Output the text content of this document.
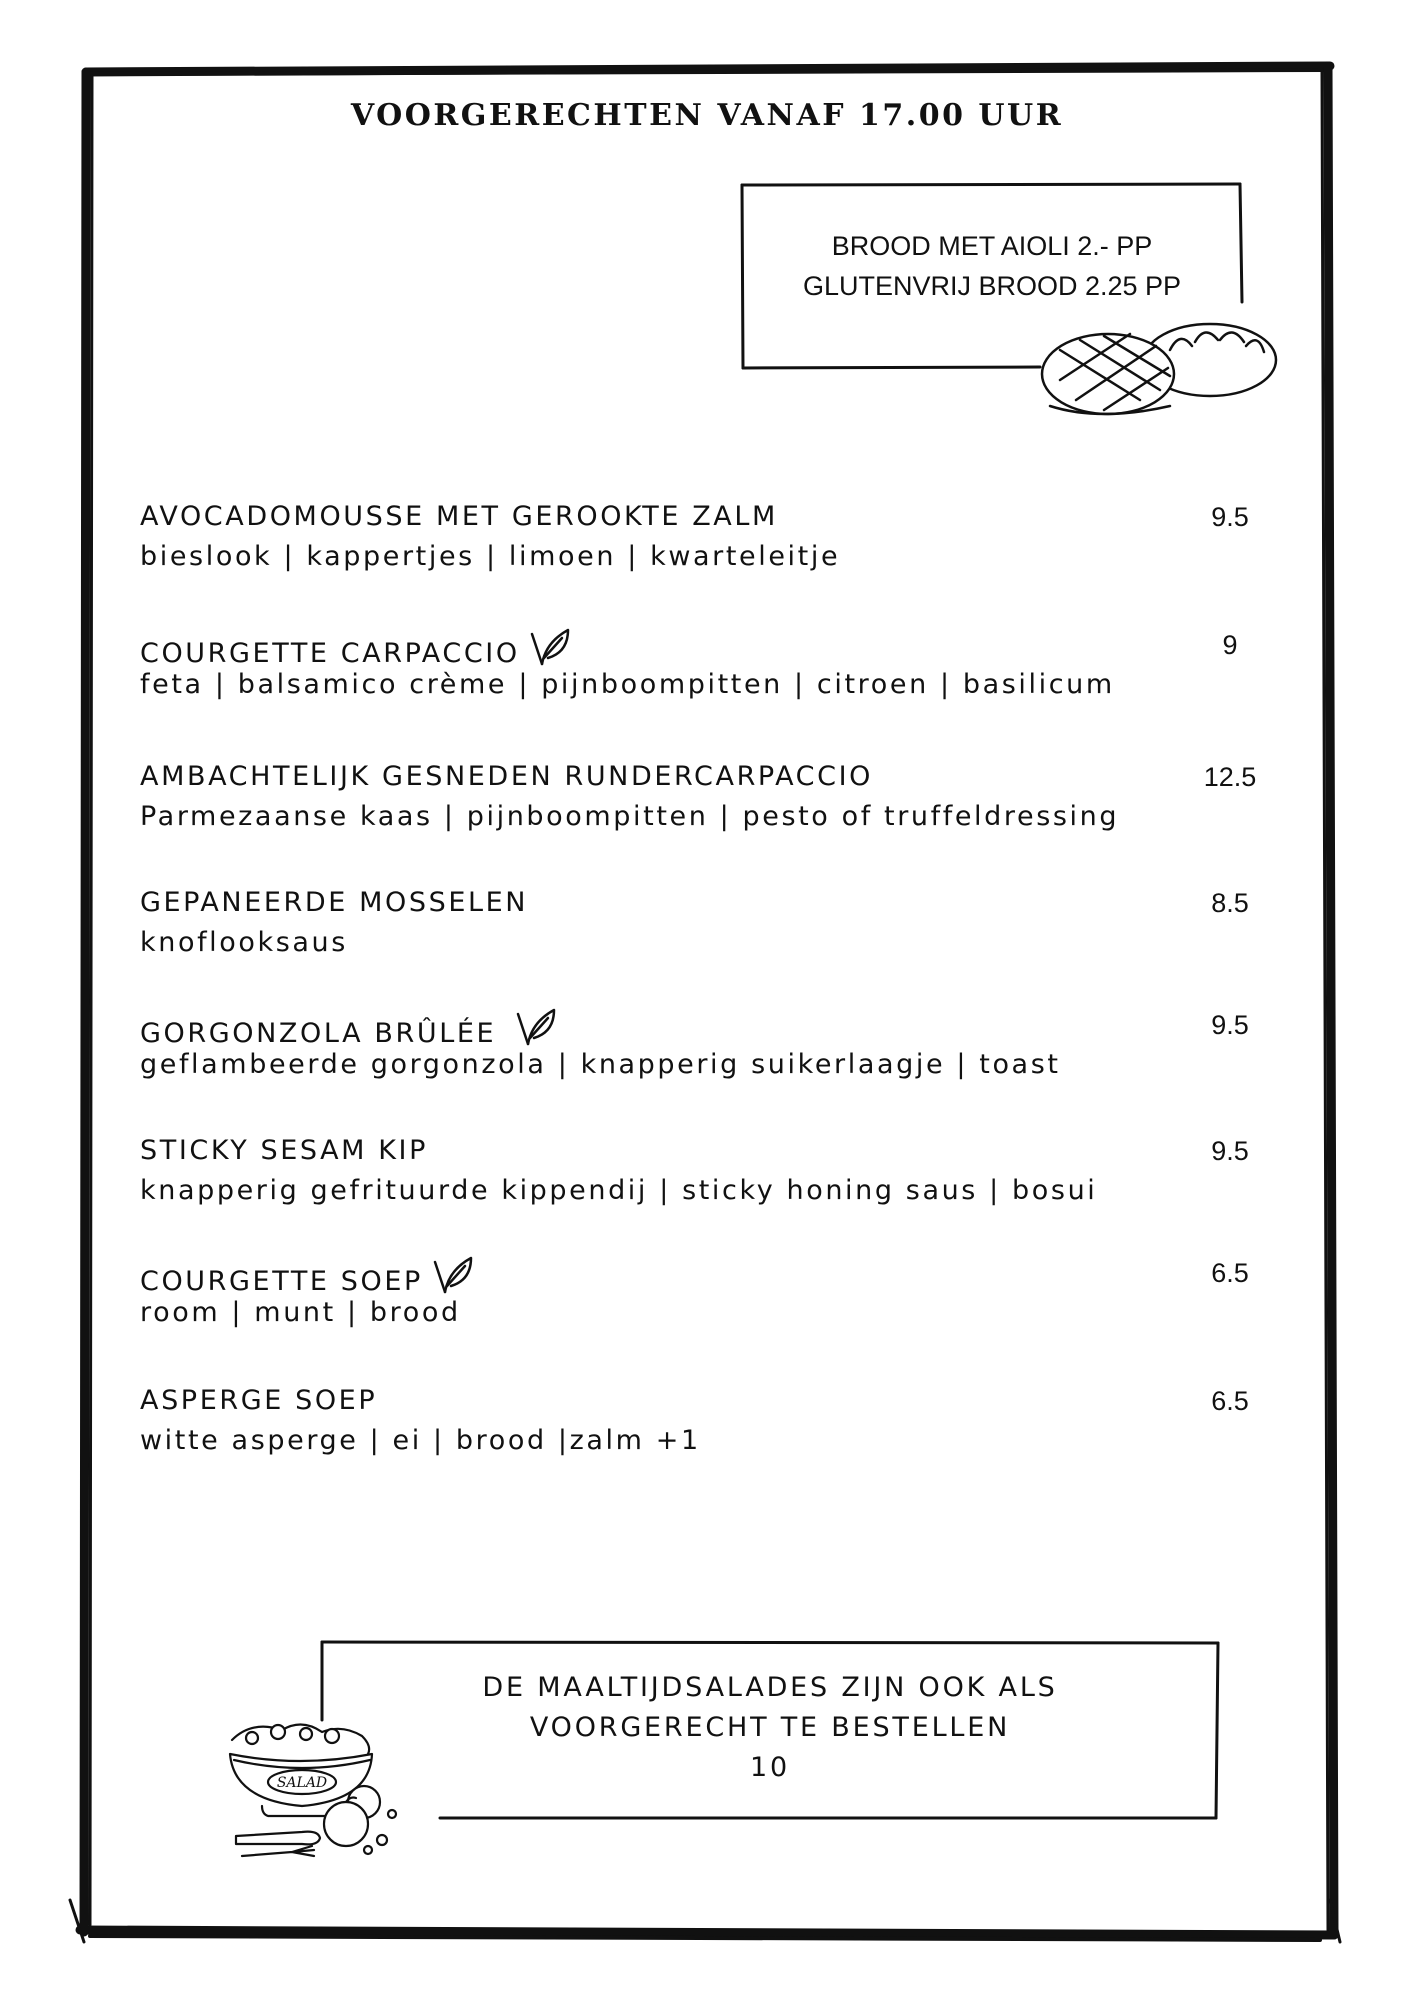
VOORGERECHTEN VANAF 17.00 UUR
BROOD MET AIOLI 2.- PP
GLUTENVRIJ BROOD 2.25 PP
AVOCADOMOUSSE MET GEROOKTE ZALM
bieslook | kappertjes | limoen | kwarteleitje
9.5
COURGETTE CARPACCIO
feta | balsamico crème | pijnboompitten | citroen | basilicum
9
AMBACHTELIJK GESNEDEN RUNDERCARPACCIO
Parmezaanse kaas | pijnboompitten | pesto of truffeldressing
12.5
GEPANEERDE MOSSELEN
knoflooksaus
8.5
GORGONZOLA BRÛLÉE
geflambeerde gorgonzola | knapperig suikerlaagje | toast
9.5
STICKY SESAM KIP
knapperig gefrituurde kippendij | sticky honing saus | bosui
9.5
COURGETTE SOEP
room | munt | brood
6.5
ASPERGE SOEP
witte asperge | ei | brood |zalm +1
6.5
DE MAALTIJDSALADES ZIJN OOK ALS
VOORGERECHT TE BESTELLEN
10
SALAD
